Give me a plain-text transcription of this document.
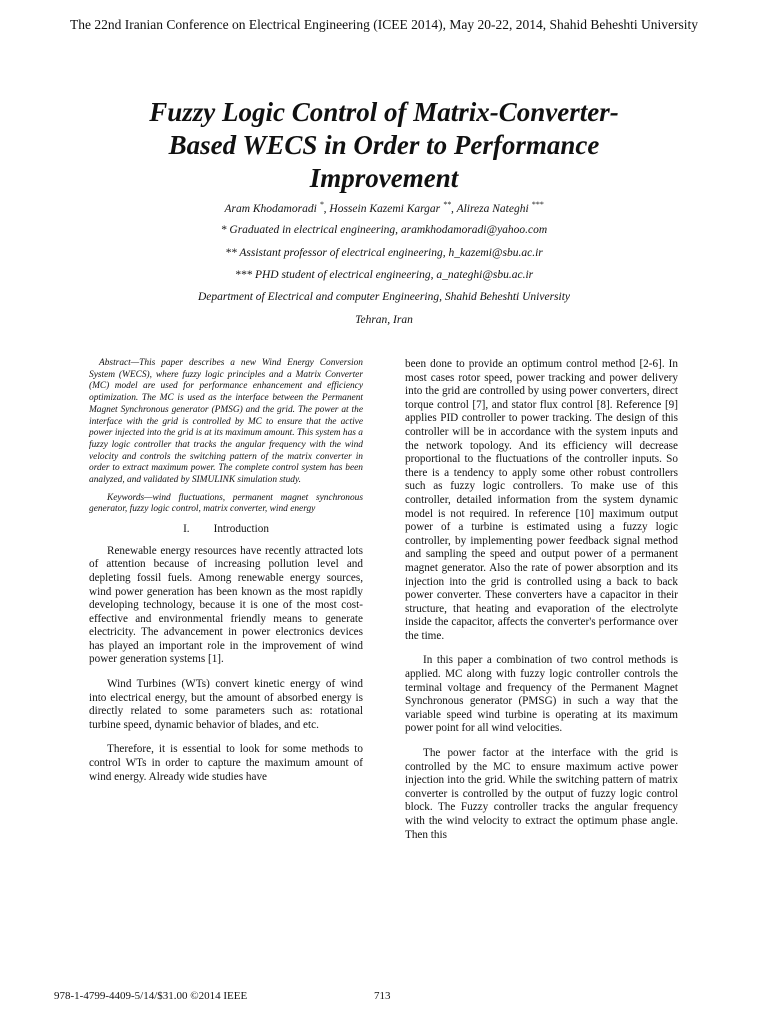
The 22nd Iranian Conference on Electrical Engineering (ICEE 2014), May 20-22, 2014, Shahid Beheshti University
Fuzzy Logic Control of Matrix-Converter-
Based WECS in Order to Performance
Improvement
Aram Khodamoradi *, Hossein Kazemi Kargar **, Alireza Nateghi ***
* Graduated in electrical engineering, aramkhodamoradi@yahoo.com
** Assistant professor of electrical engineering, h_kazemi@sbu.ac.ir
*** PHD student of electrical engineering, a_nateghi@sbu.ac.ir
Department of Electrical and computer Engineering, Shahid Beheshti University
Tehran, Iran

Abstract—This paper describes a new Wind Energy Conversion System (WECS), where fuzzy logic principles and a Matrix Converter (MC) model are used for performance enhancement and efficiency optimization. The MC is used as the interface between the Permanent Magnet Synchronous generator (PMSG) and the grid. The power at the interface with the grid is controlled by MC to ensure that the active power injected into the grid is at its maximum amount. This system has a fuzzy logic controller that tracks the angular frequency with the wind velocity and controls the switching pattern of the matrix converter in order to extract maximum power. The complete control system has been analyzed, and validated by SIMULINK simulation study.

Keywords—wind fluctuations, permanent magnet synchronous generator, fuzzy logic control, matrix converter, wind energy

I. Introduction

Renewable energy resources have recently attracted lots of attention because of increasing pollution level and depleting fossil fuels. Among renewable energy sources, wind power generation has been known as the most rapidly developing technology, because it is one of the most cost-effective and environmental friendly means to generate electricity. The advancement in power electronics devices has played an important role in the improvement of wind power generation systems [1].

Wind Turbines (WTs) convert kinetic energy of wind into electrical energy, but the amount of absorbed energy is directly related to some parameters such as: rotational turbine speed, dynamic behavior of blades, and etc.

Therefore, it is essential to look for some methods to control WTs in order to capture the maximum amount of wind energy. Already wide studies have

been done to provide an optimum control method [2-6]. In most cases rotor speed, power tracking and power delivery into the grid are controlled by using power converters, direct torque control [7], and stator flux control [8]. Reference [9] applies PID controller to power tracking. The design of this controller will be in accordance with the system inputs and the network topology. And its efficiency will decrease proportional to the fluctuations of the controller inputs. So there is a tendency to apply some other robust controllers such as fuzzy logic controllers. To make use of this controller, detailed information from the system dynamic model is not required. In reference [10] maximum output power of a turbine is estimated using a fuzzy logic controller, by implementing power feedback signal method and sampling the speed and output power of a permanent magnet generator. Also the rate of power absorption and its injection into the grid is controlled using a back to back power converter. These converters have a capacitor in their structure, that heating and evaporation of the electrolyte inside the capacitor, affects the converter's performance over the time.

In this paper a combination of two control methods is applied. MC along with fuzzy logic controller controls the terminal voltage and frequency of the Permanent Magnet Synchronous generator (PMSG) in such a way that the variable speed wind turbine is operating at its maximum power point for all wind velocities.

The power factor at the interface with the grid is controlled by the MC to ensure maximum active power injection into the grid. While the switching pattern of matrix converter is controlled by the output of fuzzy logic control block. The Fuzzy controller tracks the angular frequency with the wind velocity to extract the optimum phase angle. Then this

978-1-4799-4409-5/14/$31.00 ©2014 IEEE	713
